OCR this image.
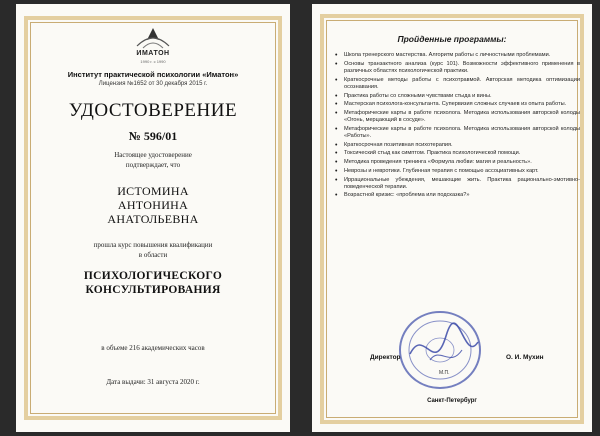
ИМАТОН
1990 г. с 1990
Институт практической психологии «Иматон»
Лицензия №1652 от 30 декабря 2015 г.
УДОСТОВЕРЕНИЕ
№ 596/01
Настоящее удостоверение
подтверждает, что
ИСТОМИНА
АНТОНИНА
АНАТОЛЬЕВНА
прошла курс повышения квалификации
в области
ПСИХОЛОГИЧЕСКОГО
КОНСУЛЬТИРОВАНИЯ
в объеме 216 академических часов
Дата выдачи: 31 августа 2020 г.
Пройденные программы:
• Школа тренерского мастерства. Алгоритм работы с личностными проблемами.
• Основы транзактного анализа (курс 101). Возможности эффективного применения в различных областях психологической практики.
• Краткосрочные методы работы с психотравмой. Авторская методика оптимизации осознавания.
• Практика работы со сложными чувствами стыда и вины.
• Мастерская психолога-консультанта. Супервизия сложных случаев из опыта работы.
• Метафорические карты в работе психолога. Методика использования авторской колоды «Огонь, мерцающий в сосуде».
• Метафорические карты в работе психолога. Методика использования авторской колоды «Работы».
• Краткосрочная позитивная психотерапия.
• Токсический стыд как симптом. Практика психологической помощи.
• Методика проведения тренинга «Формула любви: магия и реальность».
• Неврозы и невротики. Глубинная терапия с помощью ассоциативных карт.
• Иррациональные убеждения, мешающие жить. Практика рационально-эмотивно-поведенческой терапии.
• Возрастной кризис: «проблема или подсказка?»
Директор	О. И. Мухин
М.П.
Санкт-Петербург
